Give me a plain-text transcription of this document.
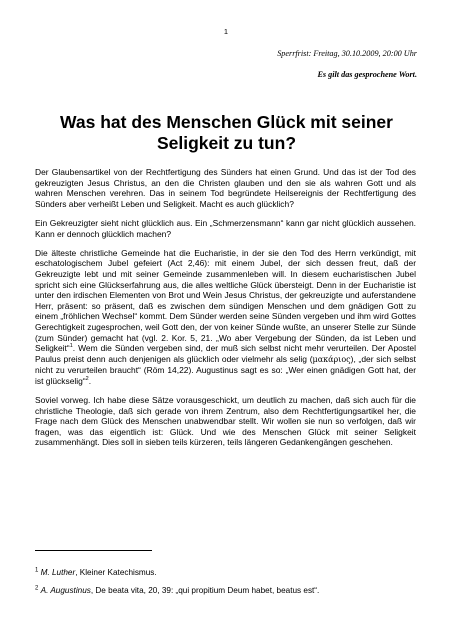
1
Sperrfrist: Freitag, 30.10.2009, 20:00 Uhr
Es gilt das gesprochene Wort.
Was hat des Menschen Glück mit seiner Seligkeit zu tun?

Der Glaubensartikel von der Rechtfertigung des Sünders hat einen Grund. Und das ist der Tod des gekreuzigten Jesus Christus, an den die Christen glauben und den sie als wahren Gott und als wahren Menschen verehren. Das in seinem Tod begründete Heilsereignis der Rechtfertigung des Sünders aber verheißt Leben und Seligkeit. Macht es auch glücklich?

Ein Gekreuzigter sieht nicht glücklich aus. Ein „Schmerzensmann“ kann gar nicht glücklich aussehen. Kann er dennoch glücklich machen?

Die älteste christliche Gemeinde hat die Eucharistie, in der sie den Tod des Herrn verkündigt, mit eschatologischem Jubel gefeiert (Act 2,46): mit einem Jubel, der sich dessen freut, daß der Gekreuzigte lebt und mit seiner Gemeinde zusammenleben will. In diesem eucharistischen Jubel spricht sich eine Glückserfahrung aus, die alles weltliche Glück übersteigt. Denn in der Eucharistie ist unter den irdischen Elementen von Brot und Wein Jesus Christus, der gekreuzigte und auferstandene Herr, präsent: so präsent, daß es zwischen dem sündigen Menschen und dem gnädigen Gott zu einem „fröhlichen Wechsel“ kommt. Dem Sünder werden seine Sünden vergeben und ihm wird Gottes Gerechtigkeit zugesprochen, weil Gott den, der von keiner Sünde wußte, an unserer Stelle zur Sünde (zum Sünder) gemacht hat (vgl. 2. Kor. 5, 21. „Wo aber Vergebung der Sünden, da ist Leben und Seligkeit“$^1$. Wem die Sünden vergeben sind, der muß sich selbst nicht mehr verurteilen. Der Apostel Paulus preist denn auch denjenigen als glücklich oder vielmehr als selig (μακάριος), „der sich selbst nicht zu verurteilen braucht“ (Röm 14,22). Augustinus sagt es so: „Wer einen gnädigen Gott hat, der ist glückselig“$^2$.

Soviel vorweg. Ich habe diese Sätze vorausgeschickt, um deutlich zu machen, daß sich auch für die christliche Theologie, daß sich gerade von ihrem Zentrum, also dem Rechtfertigungsartikel her, die Frage nach dem Glück des Menschen unabwendbar stellt. Wir wollen sie nun so verfolgen, daß wir fragen, was das eigentlich ist: Glück. Und wie des Menschen Glück mit seiner Seligkeit zusammenhängt. Dies soll in sieben teils kürzeren, teils längeren Gedankengängen geschehen.

$^1$ M. Luther, Kleiner Katechismus.
$^2$ A. Augustinus, De beata vita, 20, 39: „qui propitium Deum habet, beatus est“.
